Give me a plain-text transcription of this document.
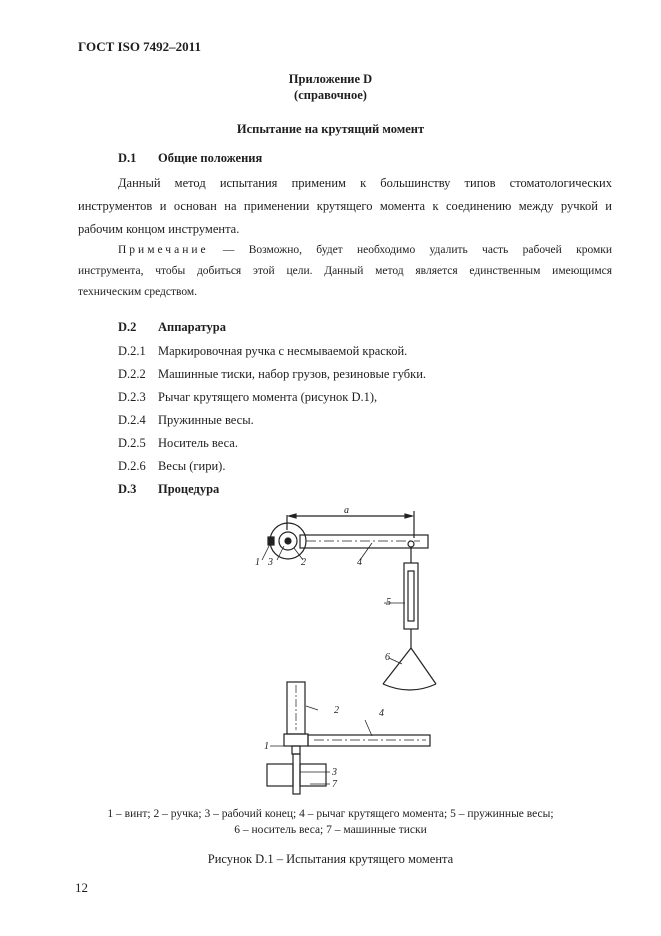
ГОСТ ISO 7492–2011
Приложение D
(справочное)
Испытание на крутящий момент
D.1 Общие положения
Данный метод испытания применим к большинству типов стоматологических
инструментов и основан на применении крутящего момента к соединению между ручкой и
рабочим концом инструмента.
Примечание — Возможно, будет необходимо удалить часть рабочей кромки
инструмента, чтобы добиться этой цели. Данный метод является единственным имеющимся
техническим средством.
D.2 Аппаратура
D.2.1 Маркировочная ручка с несмываемой краской.
D.2.2 Машинные тиски, набор грузов, резиновые губки.
D.2.3 Рычаг крутящего момента (рисунок D.1),
D.2.4 Пружинные весы.
D.2.5 Носитель веса.
D.2.6 Весы (гири).
D.3 Процедура
а
1 3	2	4
5
6
2	4
1
3
7
1 – винт; 2 – ручка; 3 – рабочий конец; 4 – рычаг крутящего момента; 5 – пружинные весы;
6 – носитель веса; 7 – машинные тиски
Рисунок D.1 – Испытания крутящего момента
12
